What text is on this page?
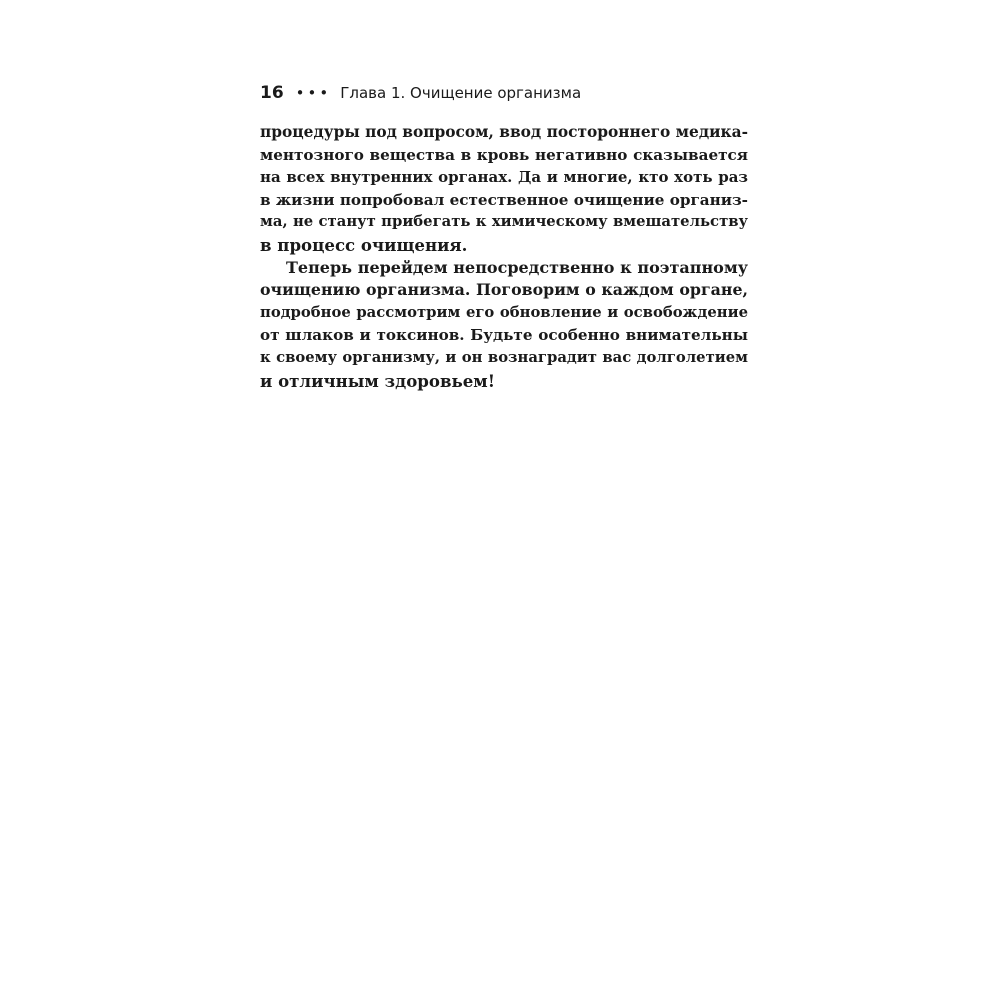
16 ••• Глава 1. Очищение организма
процедуры под вопросом, ввод постороннего медика-
ментозного вещества в кровь негативно сказывается
на всех внутренних органах. Да и многие, кто хоть раз
в жизни попробовал естественное очищение организ-
ма, не станут прибегать к химическому вмешательству
в процесс очищения.
Теперь перейдем непосредственно к поэтапному
очищению организма. Поговорим о каждом органе,
подробное рассмотрим его обновление и освобождение
от шлаков и токсинов. Будьте особенно внимательны
к своему организму, и он вознаградит вас долголетием
и отличным здоровьем!
